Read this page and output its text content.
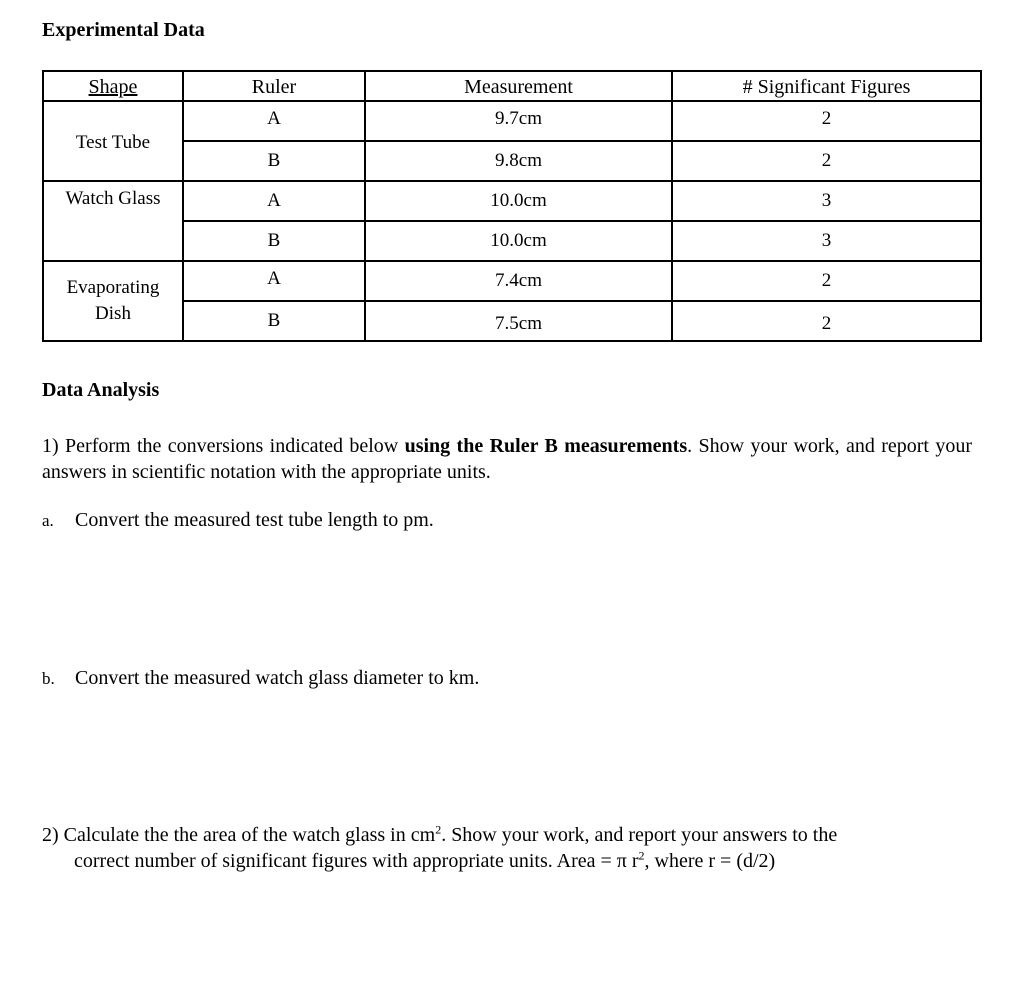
Experimental Data
Shape	Ruler	Measurement	# Significant Figures
Test Tube	A	9.7cm	2
	B	9.8cm	2
Watch Glass	A	10.0cm	3
	B	10.0cm	3
Evaporating Dish	A	7.4cm	2
	B	7.5cm	2
Data Analysis
1) Perform the conversions indicated below using the Ruler B measurements. Show your work, and report your answers in scientific notation with the appropriate units.
a. Convert the measured test tube length to pm.
b. Convert the measured watch glass diameter to km.
2) Calculate the the area of the watch glass in $cm^2$. Show your work, and report your answers to the
correct number of significant figures with appropriate units. Area = π $r^2$, where r = (d/2)
